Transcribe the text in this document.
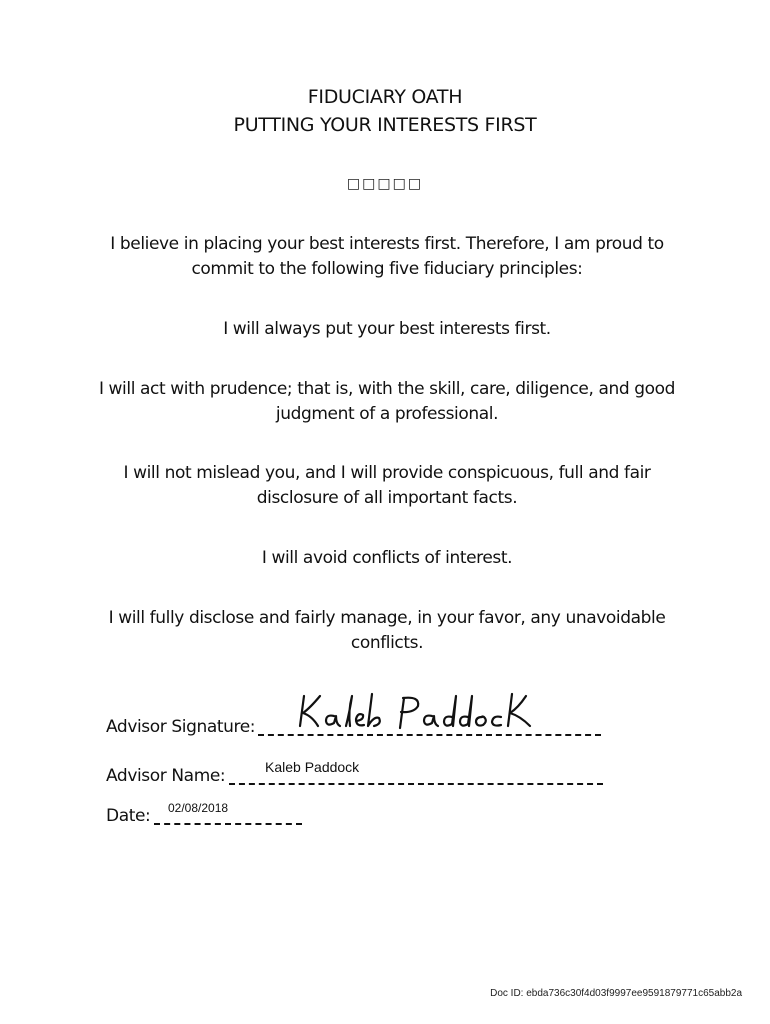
FIDUCIARY OATH
PUTTING YOUR INTERESTS FIRST
□□□□□

I believe in placing your best interests first. Therefore, I am proud to commit to the following five fiduciary principles:

I will always put your best interests first.

I will act with prudence; that is, with the skill, care, diligence, and good judgment of a professional.

I will not mislead you, and I will provide conspicuous, full and fair disclosure of all important facts.

I will avoid conflicts of interest.

I will fully disclose and fairly manage, in your favor, any unavoidable conflicts.

Advisor Signature:
Advisor Name:	Kaleb Paddock
Date: 02/08/2018
Doc ID: ebda736c30f4d03f9997ee9591879771c65abb2a
